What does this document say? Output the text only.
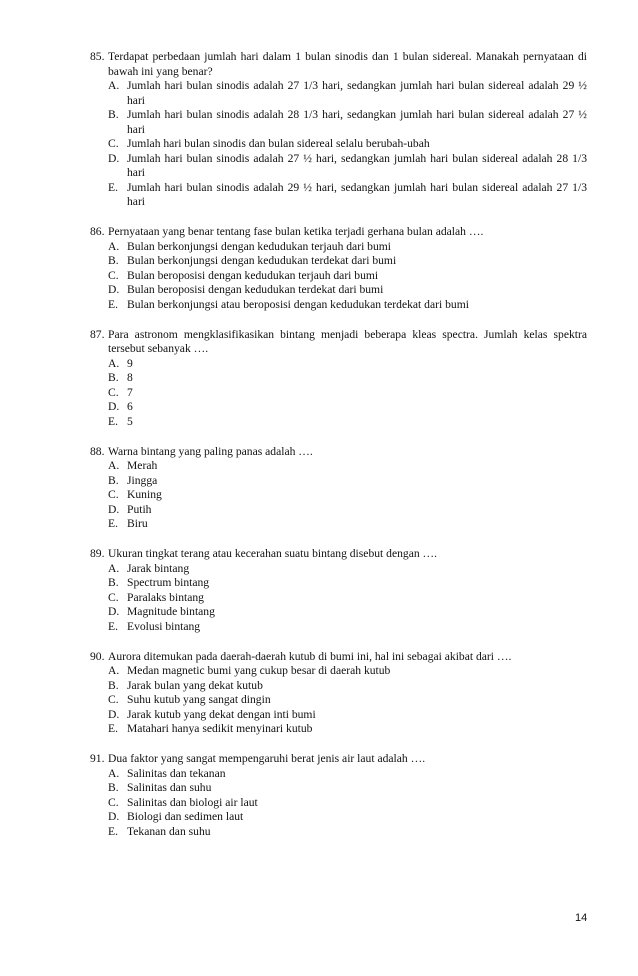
85. Terdapat perbedaan jumlah hari dalam 1 bulan sinodis dan 1 bulan sidereal. Manakah pernyataan di bawah ini yang benar?
A. Jumlah hari bulan sinodis adalah 27 1/3 hari, sedangkan jumlah hari bulan sidereal adalah 29 ½ hari
B. Jumlah hari bulan sinodis adalah 28 1/3 hari, sedangkan jumlah hari bulan sidereal adalah 27 ½ hari
C. Jumlah hari bulan sinodis dan bulan sidereal selalu berubah-ubah
D. Jumlah hari bulan sinodis adalah 27 ½ hari, sedangkan jumlah hari bulan sidereal adalah 28 1/3 hari
E. Jumlah hari bulan sinodis adalah 29 ½ hari, sedangkan jumlah hari bulan sidereal adalah 27 1/3 hari
86. Pernyataan yang benar tentang fase bulan ketika terjadi gerhana bulan adalah ….
A. Bulan berkonjungsi dengan kedudukan terjauh dari bumi
B. Bulan berkonjungsi dengan kedudukan terdekat dari bumi
C. Bulan beroposisi dengan kedudukan terjauh dari bumi
D. Bulan beroposisi dengan kedudukan terdekat dari bumi
E. Bulan berkonjungsi atau beroposisi dengan kedudukan terdekat dari bumi
87. Para astronom mengklasifikasikan bintang menjadi beberapa kleas spectra. Jumlah kelas spektra tersebut sebanyak ….
A. 9
B. 8
C. 7
D. 6
E. 5
88. Warna bintang yang paling panas adalah ….
A. Merah
B. Jingga
C. Kuning
D. Putih
E. Biru
89. Ukuran tingkat terang atau kecerahan suatu bintang disebut dengan ….
A. Jarak bintang
B. Spectrum bintang
C. Paralaks bintang
D. Magnitude bintang
E. Evolusi bintang
90. Aurora ditemukan pada daerah-daerah kutub di bumi ini, hal ini sebagai akibat dari ….
A. Medan magnetic bumi yang cukup besar di daerah kutub
B. Jarak bulan yang dekat kutub
C. Suhu kutub yang sangat dingin
D. Jarak kutub yang dekat dengan inti bumi
E. Matahari hanya sedikit menyinari kutub
91. Dua faktor yang sangat mempengaruhi berat jenis air laut adalah ….
A. Salinitas dan tekanan
B. Salinitas dan suhu
C. Salinitas dan biologi air laut
D. Biologi dan sedimen laut
E. Tekanan dan suhu
14
